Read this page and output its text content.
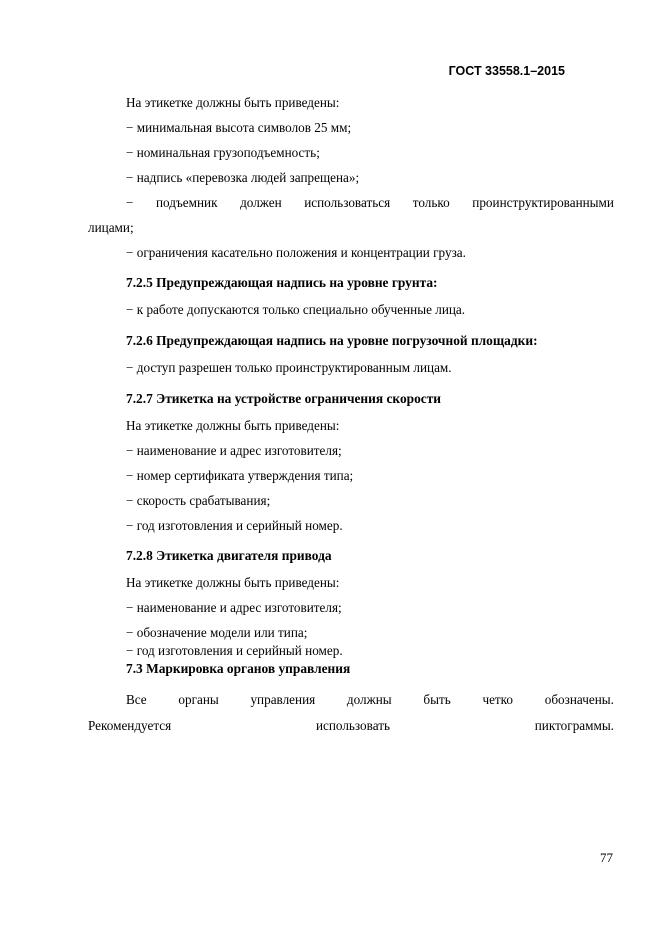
ГОСТ 33558.1–2015
На этикетке должны быть приведены:
− минимальная высота символов 25 мм;
− номинальная грузоподъемность;
− надпись «перевозка людей запрещена»;
− подъемник должен использоваться только проинструктированными
лицами;
− ограничения касательно положения и концентрации груза.
7.2.5 Предупреждающая надпись на уровне грунта:
− к работе допускаются только специально обученные лица.
7.2.6 Предупреждающая надпись на уровне погрузочной площадки:
− доступ разрешен только проинструктированным лицам.
7.2.7 Этикетка на устройстве ограничения скорости
На этикетке должны быть приведены:
− наименование и адрес изготовителя;
− номер сертификата утверждения типа;
− скорость срабатывания;
− год изготовления и серийный номер.
7.2.8 Этикетка двигателя привода
На этикетке должны быть приведены:
− наименование и адрес изготовителя;
− обозначение модели или типа;
− год изготовления и серийный номер.
7.3 Маркировка органов управления
Все органы управления должны быть четко обозначены.
Рекомендуется	использовать	пиктограммы.
77
